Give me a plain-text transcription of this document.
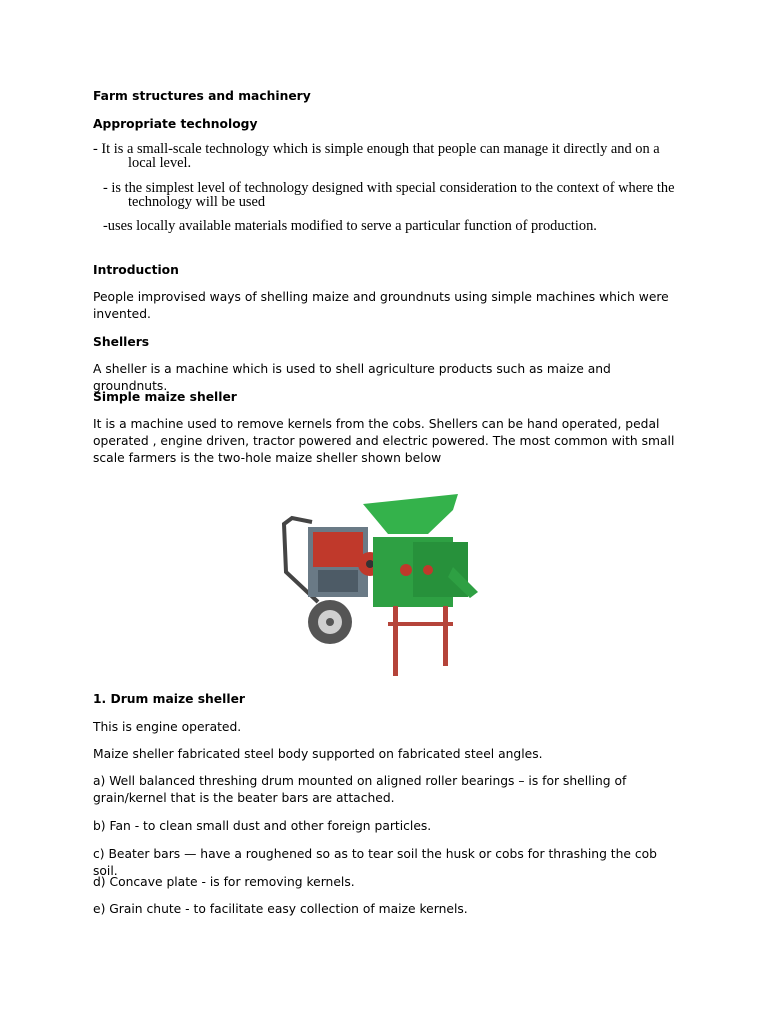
Farm structures and machinery

Appropriate technology

- It is a small-scale technology which is simple enough that people can manage it directly and on a
local level.
- is the simplest level of technology designed with special consideration to the context of where the
technology will be used

-uses locally available materials modified to serve a particular function of production.

Introduction

People improvised ways of shelling maize and groundnuts using simple machines which were invented.

Shellers

A sheller is a machine which is used to shell agriculture products such as maize and groundnuts.

Simple maize sheller

It is a machine used to remove kernels from the cobs. Shellers can be hand operated, pedal operated , engine driven, tractor powered and electric powered. The most common with small scale farmers is the two-hole maize sheller shown below

1. Drum maize sheller

This is engine operated.

Maize sheller fabricated steel body supported on fabricated steel angles.

a) Well balanced threshing drum mounted on aligned roller bearings – is for shelling of grain/kernel that is the beater bars are attached.

b) Fan - to clean small dust and other foreign particles.

c) Beater bars — have a roughened so as to tear soil the husk or cobs for thrashing the cob soil.

d) Concave plate - is for removing kernels.

e) Grain chute - to facilitate easy collection of maize kernels.
